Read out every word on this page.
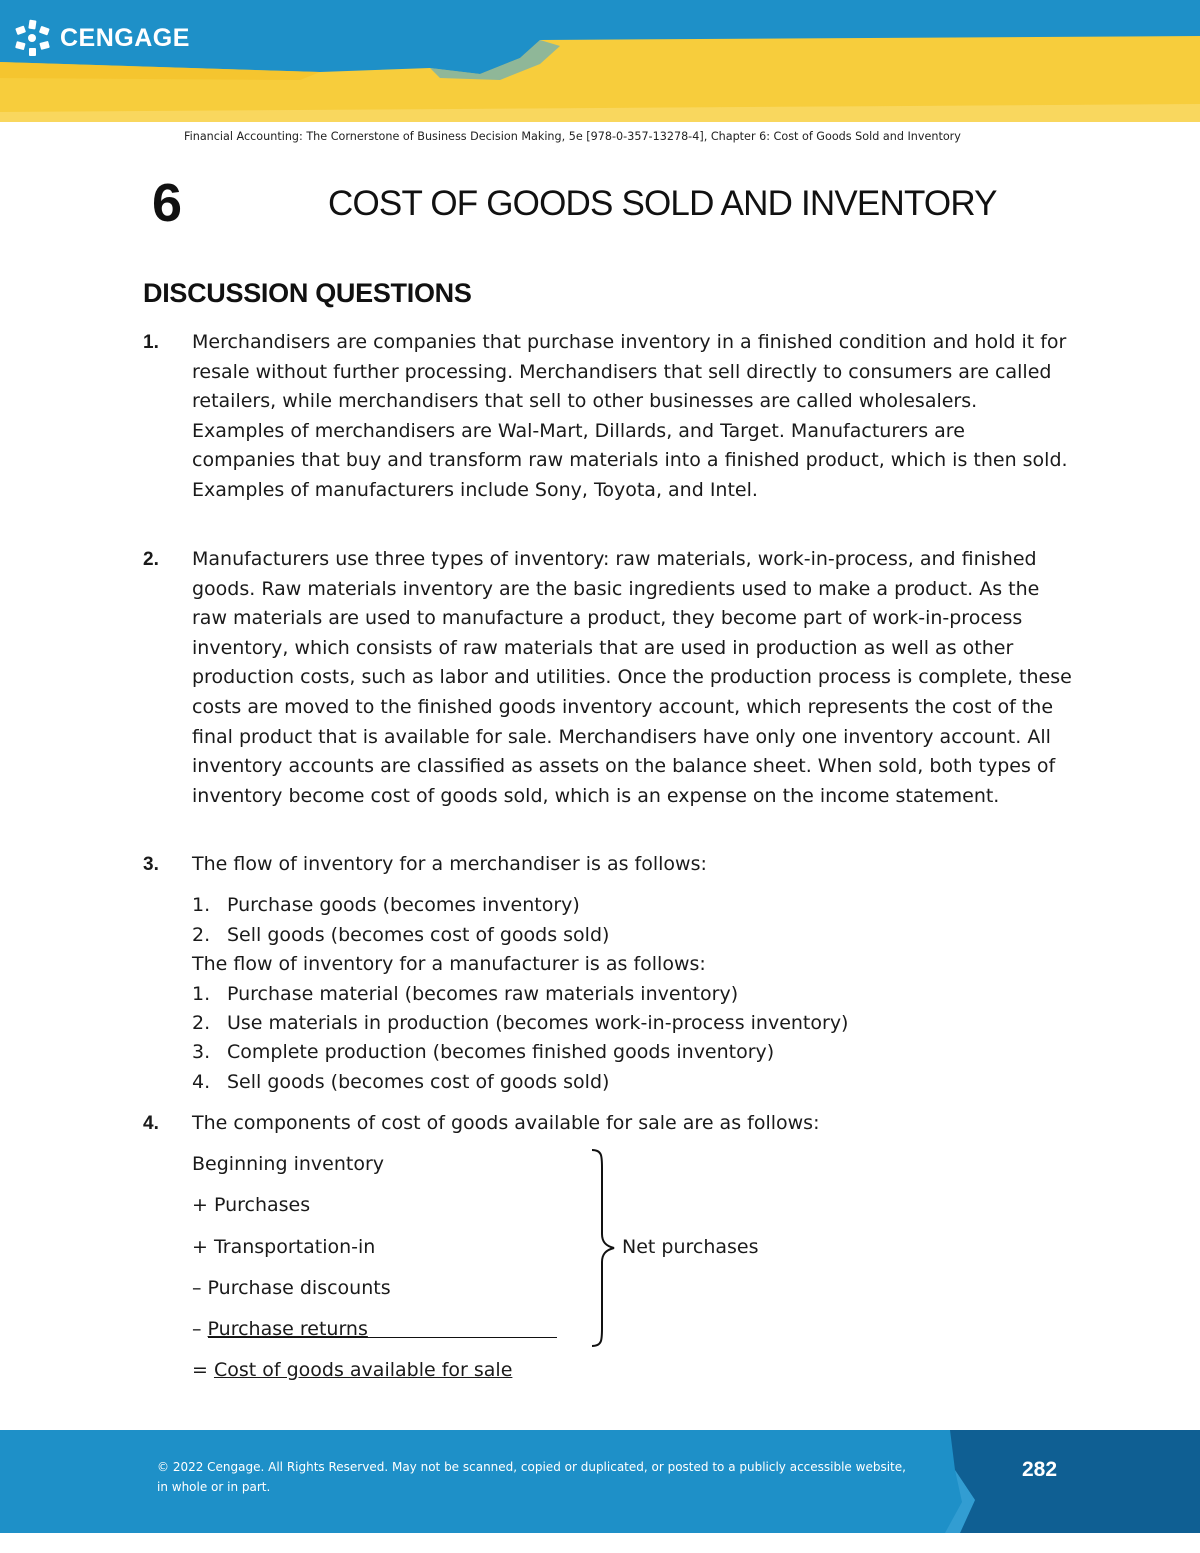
CENGAGE
Financial Accounting: The Cornerstone of Business Decision Making, 5e [978-0-357-13278-4], Chapter 6: Cost of Goods Sold and Inventory
6	COST OF GOODS SOLD AND INVENTORY
DISCUSSION QUESTIONS
1. Merchandisers are companies that purchase inventory in a finished condition and hold it for resale without further processing. Merchandisers that sell directly to consumers are called retailers, while merchandisers that sell to other businesses are called wholesalers. Examples of merchandisers are Wal-Mart, Dillards, and Target. Manufacturers are companies that buy and transform raw materials into a finished product, which is then sold. Examples of manufacturers include Sony, Toyota, and Intel.
2. Manufacturers use three types of inventory: raw materials, work-in-process, and finished goods. Raw materials inventory are the basic ingredients used to make a product. As the raw materials are used to manufacture a product, they become part of work-in-process inventory, which consists of raw materials that are used in production as well as other production costs, such as labor and utilities. Once the production process is complete, these costs are moved to the finished goods inventory account, which represents the cost of the final product that is available for sale. Merchandisers have only one inventory account. All inventory accounts are classified as assets on the balance sheet. When sold, both types of inventory become cost of goods sold, which is an expense on the income statement.
3. The flow of inventory for a merchandiser is as follows:
1. Purchase goods (becomes inventory)
2. Sell goods (becomes cost of goods sold)
The flow of inventory for a manufacturer is as follows:
1. Purchase material (becomes raw materials inventory)
2. Use materials in production (becomes work-in-process inventory)
3. Complete production (becomes finished goods inventory)
4. Sell goods (becomes cost of goods sold)
4. The components of cost of goods available for sale are as follows:
Beginning inventory
+ Purchases
+ Transportation-in
– Purchase discounts
– Purchase returns
= Cost of goods available for sale
Net purchases
© 2022 Cengage. All Rights Reserved. May not be scanned, copied or duplicated, or posted to a publicly accessible website, in whole or in part.
282
